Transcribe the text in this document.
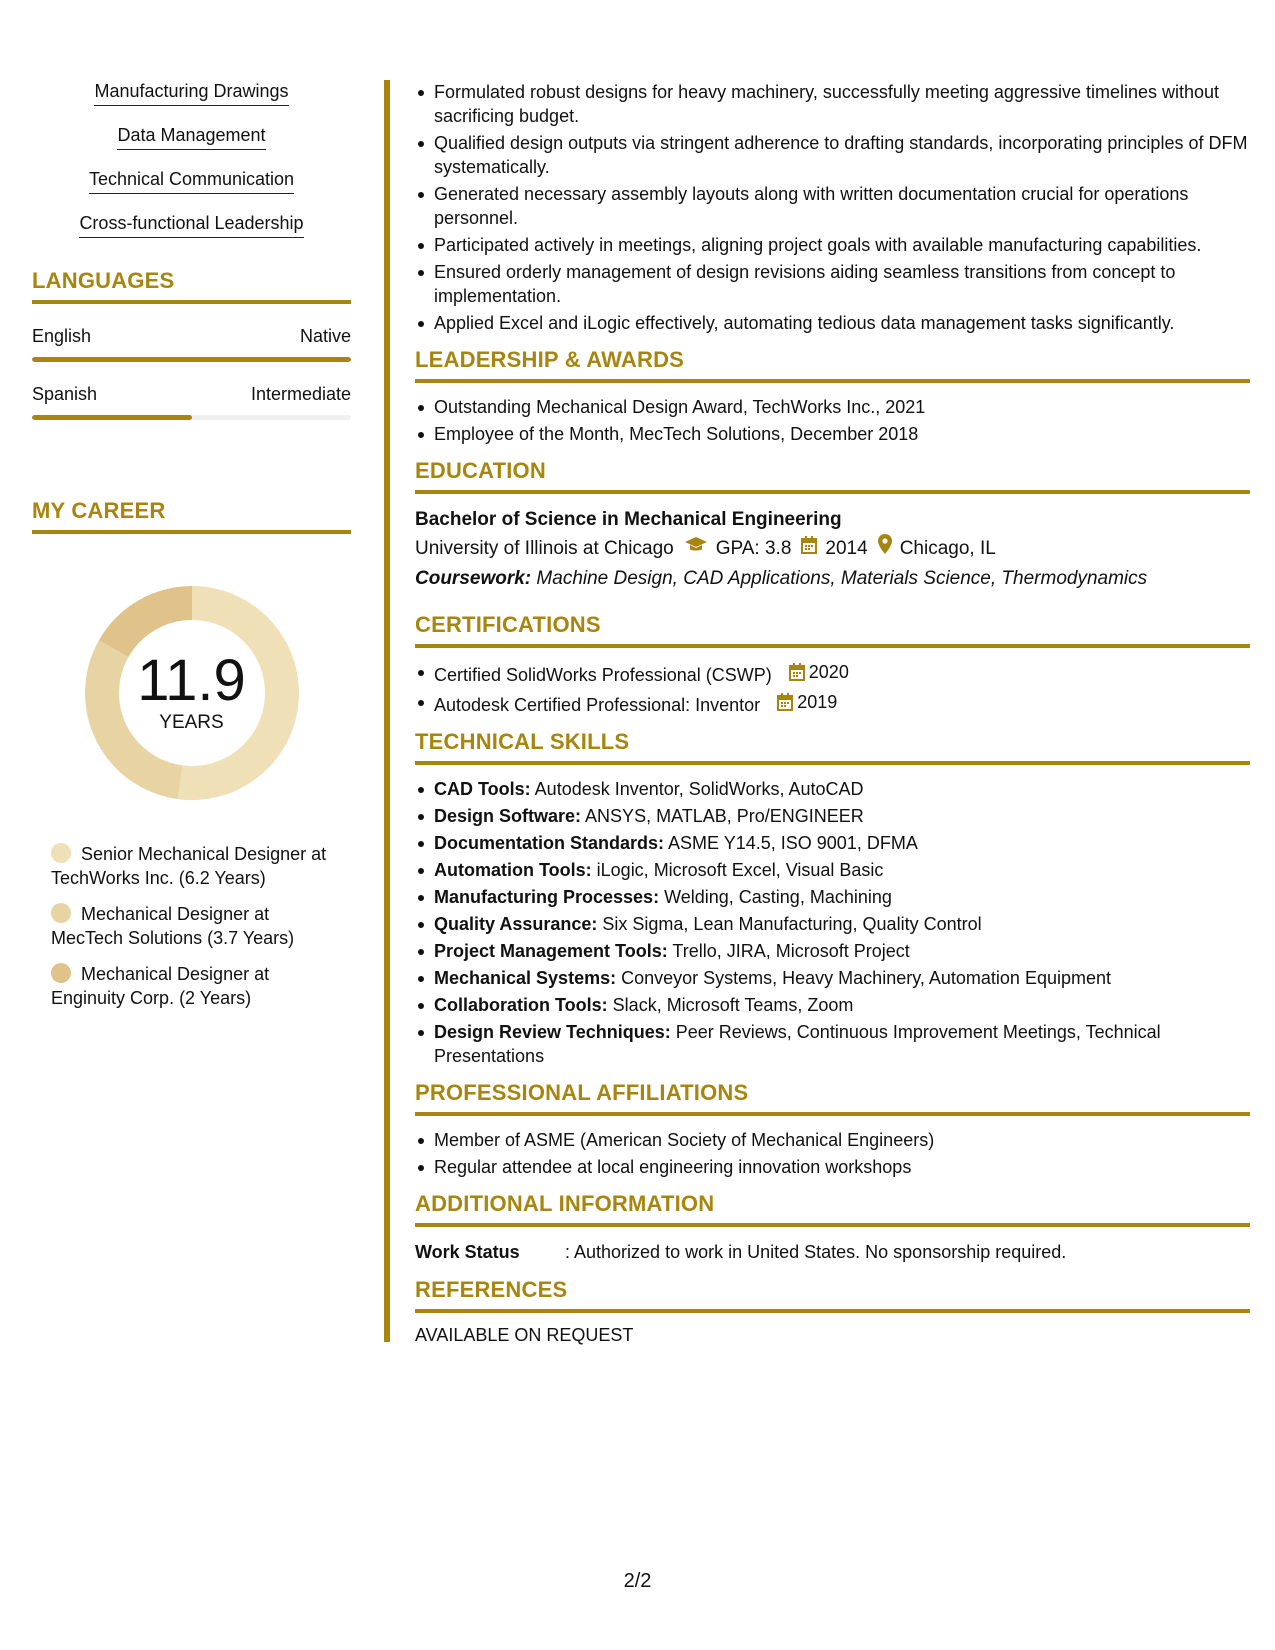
Manufacturing Drawings
Data Management
Technical Communication
Cross-functional Leadership
LANGUAGES
English	Native
Spanish	Intermediate
MY CAREER
11.9
YEARS
Senior Mechanical Designer at TechWorks Inc. (6.2 Years)
Mechanical Designer at MecTech Solutions (3.7 Years)
Mechanical Designer at Enginuity Corp. (2 Years)
Formulated robust designs for heavy machinery, successfully meeting aggressive timelines without sacrificing budget.
Qualified design outputs via stringent adherence to drafting standards, incorporating principles of DFM systematically.
Generated necessary assembly layouts along with written documentation crucial for operations personnel.
Participated actively in meetings, aligning project goals with available manufacturing capabilities.
Ensured orderly management of design revisions aiding seamless transitions from concept to implementation.
Applied Excel and iLogic effectively, automating tedious data management tasks significantly.
LEADERSHIP & AWARDS
Outstanding Mechanical Design Award, TechWorks Inc., 2021
Employee of the Month, MecTech Solutions, December 2018
EDUCATION
Bachelor of Science in Mechanical Engineering
University of Illinois at Chicago GPA: 3.8 2014 Chicago, IL
Coursework: Machine Design, CAD Applications, Materials Science, Thermodynamics
CERTIFICATIONS
Certified SolidWorks Professional (CSWP) 2020
Autodesk Certified Professional: Inventor 2019
TECHNICAL SKILLS
CAD Tools: Autodesk Inventor, SolidWorks, AutoCAD
Design Software: ANSYS, MATLAB, Pro/ENGINEER
Documentation Standards: ASME Y14.5, ISO 9001, DFMA
Automation Tools: iLogic, Microsoft Excel, Visual Basic
Manufacturing Processes: Welding, Casting, Machining
Quality Assurance: Six Sigma, Lean Manufacturing, Quality Control
Project Management Tools: Trello, JIRA, Microsoft Project
Mechanical Systems: Conveyor Systems, Heavy Machinery, Automation Equipment
Collaboration Tools: Slack, Microsoft Teams, Zoom
Design Review Techniques: Peer Reviews, Continuous Improvement Meetings, Technical Presentations
PROFESSIONAL AFFILIATIONS
Member of ASME (American Society of Mechanical Engineers)
Regular attendee at local engineering innovation workshops
ADDITIONAL INFORMATION
Work Status	: Authorized to work in United States. No sponsorship required.
REFERENCES
AVAILABLE ON REQUEST
2/2
